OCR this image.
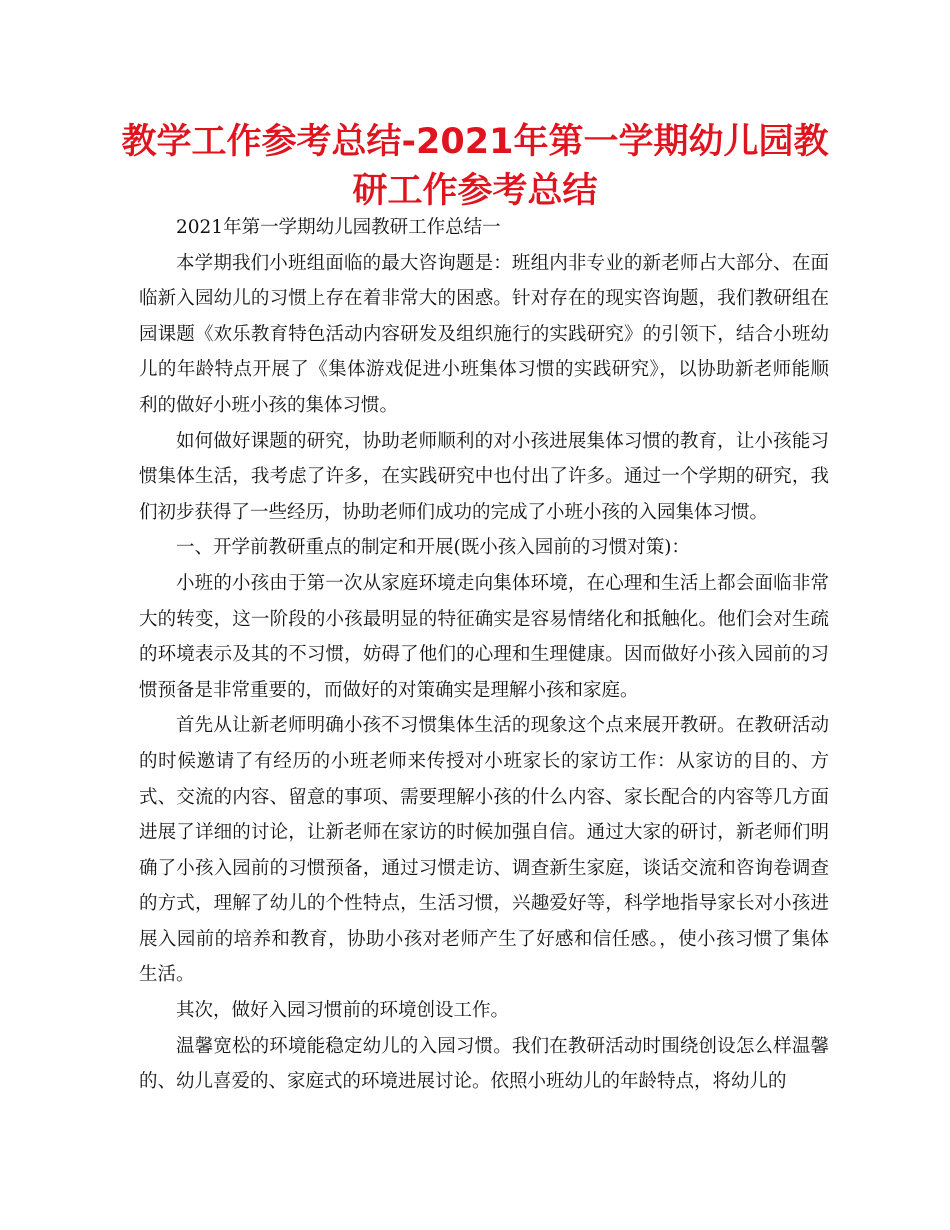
教学工作参考总结-2021年第一学期幼儿园教研工作参考总结

2021年第一学期幼儿园教研工作总结一

本学期我们小班组面临的最大咨询题是：班组内非专业的新老师占大部分、在面临新入园幼儿的习惯上存在着非常大的困惑。针对存在的现实咨询题，我们教研组在园课题《欢乐教育特色活动内容研发及组织施行的实践研究》的引领下，结合小班幼儿的年龄特点开展了《集体游戏促进小班集体习惯的实践研究》，以协助新老师能顺利的做好小班小孩的集体习惯。

如何做好课题的研究，协助老师顺利的对小孩进展集体习惯的教育，让小孩能习惯集体生活，我考虑了许多，在实践研究中也付出了许多。通过一个学期的研究，我们初步获得了一些经历，协助老师们成功的完成了小班小孩的入园集体习惯。

一、开学前教研重点的制定和开展(既小孩入园前的习惯对策)：

小班的小孩由于第一次从家庭环境走向集体环境，在心理和生活上都会面临非常大的转变，这一阶段的小孩最明显的特征确实是容易情绪化和抵触化。他们会对生疏的环境表示及其的不习惯，妨碍了他们的心理和生理健康。因而做好小孩入园前的习惯预备是非常重要的，而做好的对策确实是理解小孩和家庭。

首先从让新老师明确小孩不习惯集体生活的现象这个点来展开教研。在教研活动的时候邀请了有经历的小班老师来传授对小班家长的家访工作：从家访的目的、方式、交流的内容、留意的事项、需要理解小孩的什么内容、家长配合的内容等几方面进展了详细的讨论，让新老师在家访的时候加强自信。通过大家的研讨，新老师们明确了小孩入园前的习惯预备，通过习惯走访、调查新生家庭，谈话交流和咨询卷调查的方式，理解了幼儿的个性特点，生活习惯，兴趣爱好等，科学地指导家长对小孩进展入园前的培养和教育，协助小孩对老师产生了好感和信任感。，使小孩习惯了集体生活。

其次，做好入园习惯前的环境创设工作。

温馨宽松的环境能稳定幼儿的入园习惯。我们在教研活动时围绕创设怎么样温馨的、幼儿喜爱的、家庭式的环境进展讨论。依照小班幼儿的年龄特点，将幼儿的
